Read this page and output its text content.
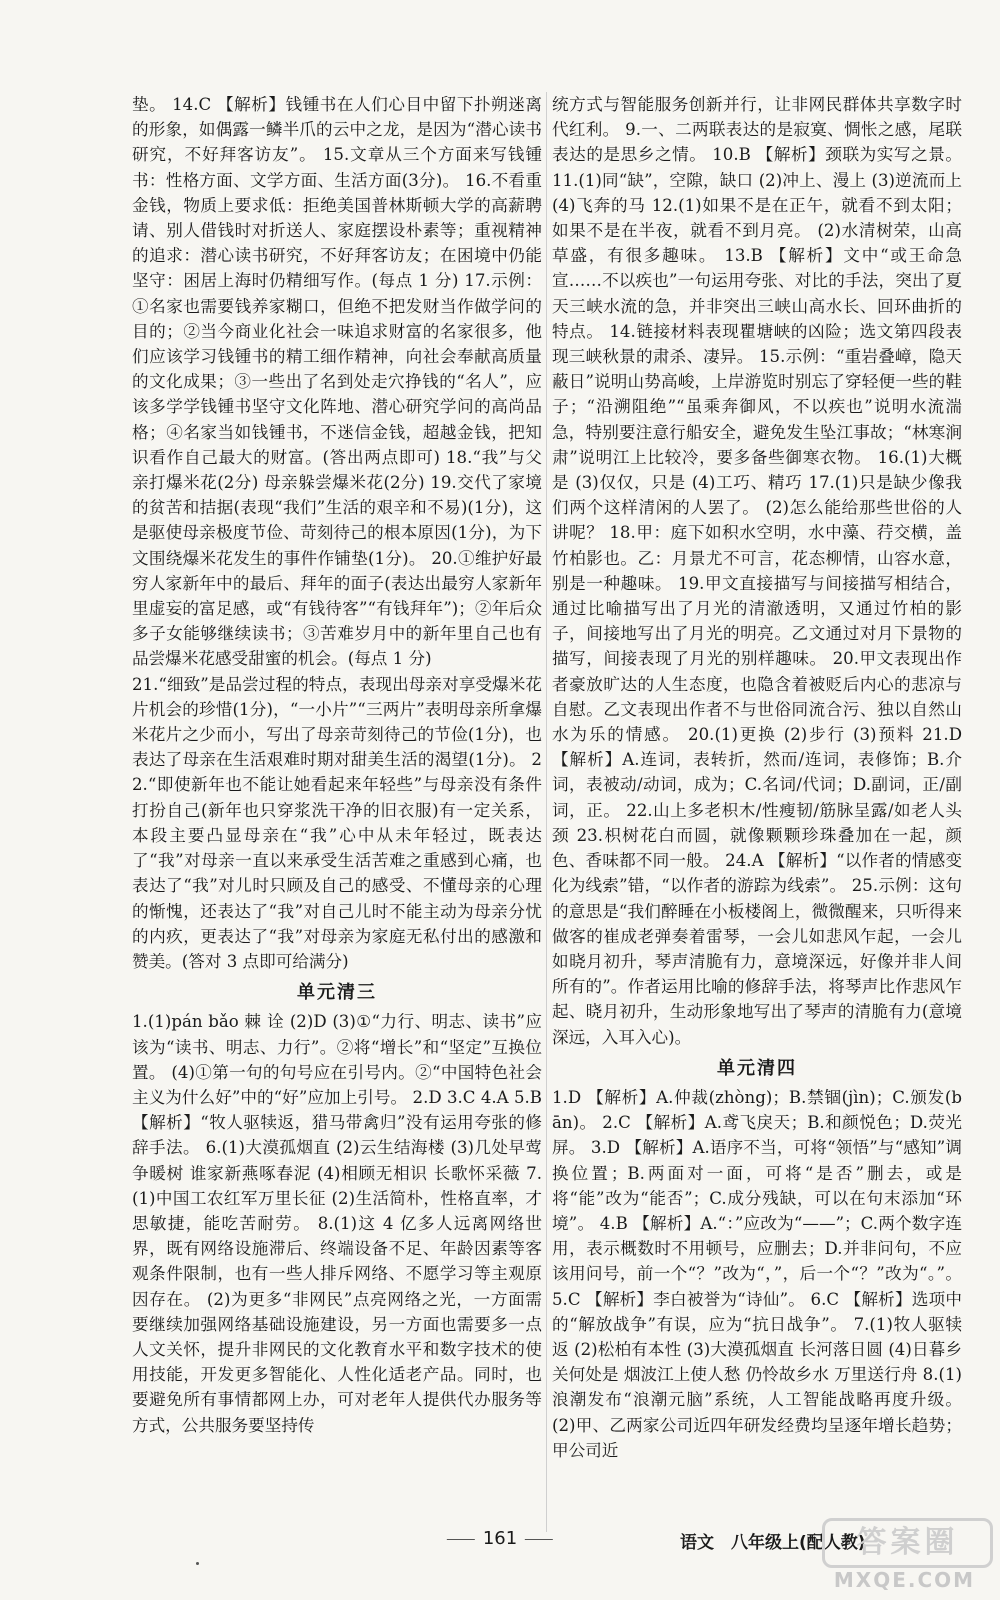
垫。 14.C 【解析】钱锺书在人们心目中留下扑朔迷离的形象，如偶露一鳞半爪的云中之龙，是因为“潜心读书研究，不好拜客访友”。 15.文章从三个方面来写钱锺书：性格方面、文学方面、生活方面(3分)。 16.不看重金钱，物质上要求低：拒绝美国普林斯顿大学的高薪聘请、别人借钱时对折送人、家庭摆设朴素等；重视精神的追求：潜心读书研究，不好拜客访友；在困境中仍能坚守：困居上海时仍精细写作。(每点 1 分) 17.示例：①名家也需要钱养家糊口，但绝不把发财当作做学问的目的；②当今商业化社会一味追求财富的名家很多，他们应该学习钱锺书的精工细作精神，向社会奉献高质量的文化成果；③一些出了名到处走穴挣钱的“名人”，应该多学学钱锺书坚守文化阵地、潜心研究学问的高尚品格；④名家当如钱锺书，不迷信金钱，超越金钱，把知识看作自己最大的财富。(答出两点即可) 18.“我”与父亲打爆米花(2分) 母亲躲尝爆米花(2分) 19.交代了家境的贫苦和拮据(表现“我们”生活的艰辛和不易)(1分)，这是驱使母亲极度节俭、苛刻待己的根本原因(1分)，为下文围绕爆米花发生的事件作铺垫(1分)。 20.①维护好最穷人家新年中的最后、拜年的面子(表达出最穷人家新年里虚妄的富足感，或“有钱待客”“有钱拜年”)；②年后众多子女能够继续读书；③苦难岁月中的新年里自己也有品尝爆米花感受甜蜜的机会。(每点 1 分)

21.“细致”是品尝过程的特点，表现出母亲对享受爆米花片机会的珍惜(1分)，“一小片”“三两片”表明母亲所拿爆米花片之少而小，写出了母亲苛刻待己的节俭(1分)，也表达了母亲在生活艰难时期对甜美生活的渴望(1分)。 22.“即使新年也不能让她看起来年轻些”与母亲没有条件打扮自己(新年也只穿浆洗干净的旧衣服)有一定关系，本段主要凸显母亲在“我”心中从未年轻过，既表达了“我”对母亲一直以来承受生活苦难之重感到心痛，也表达了“我”对儿时只顾及自己的感受、不懂母亲的心理的惭愧，还表达了“我”对自己儿时不能主动为母亲分忧的内疚，更表达了“我”对母亲为家庭无私付出的感激和赞美。(答对 3 点即可给满分)

单元清三

1.(1)pán bǎo 棘 诠 (2)D (3)①“力行、明志、读书”应该为“读书、明志、力行”。②将“增长”和“坚定”互换位置。 (4)①第一句的句号应在引号内。②“中国特色社会主义为什么好”中的“好”应加上引号。 2.D 3.C 4.A 5.B 【解析】“牧人驱犊返，猎马带禽归”没有运用夸张的修辞手法。 6.(1)大漠孤烟直 (2)云生结海楼 (3)几处早莺争暖树 谁家新燕啄春泥 (4)相顾无相识 长歌怀采薇 7.(1)中国工农红军万里长征 (2)生活简朴，性格直率，才思敏捷，能吃苦耐劳。 8.(1)这 4 亿多人远离网络世界，既有网络设施滞后、终端设备不足、年龄因素等客观条件限制，也有一些人排斥网络、不愿学习等主观原因存在。 (2)为更多“非网民”点亮网络之光，一方面需要继续加强网络基础设施建设，另一方面也需要多一点人文关怀，提升非网民的文化教育水平和数字技术的使用技能，开发更多智能化、人性化适老产品。同时，也要避免所有事情都网上办，可对老年人提供代办服务等方式，公共服务要坚持传

统方式与智能服务创新并行，让非网民群体共享数字时代红利。 9.一、二两联表达的是寂寞、惆怅之感，尾联表达的是思乡之情。 10.B 【解析】颈联为实写之景。 11.(1)同“缺”，空隙，缺口 (2)冲上、漫上 (3)逆流而上 (4)飞奔的马 12.(1)如果不是在正午，就看不到太阳；如果不是在半夜，就看不到月亮。 (2)水清树荣，山高草盛，有很多趣味。 13.B 【解析】文中“或王命急宣……不以疾也”一句运用夸张、对比的手法，突出了夏天三峡水流的急，并非突出三峡山高水长、回环曲折的特点。 14.链接材料表现瞿塘峡的凶险；选文第四段表现三峡秋景的肃杀、凄异。 15.示例：“重岩叠嶂，隐天蔽日”说明山势高峻，上岸游览时别忘了穿轻便一些的鞋子；“沿溯阻绝”“虽乘奔御风，不以疾也”说明水流湍急，特别要注意行船安全，避免发生坠江事故；“林寒涧肃”说明江上比较冷，要多备些御寒衣物。 16.(1)大概是 (3)仅仅，只是 (4)工巧、精巧 17.(1)只是缺少像我们两个这样清闲的人罢了。 (2)怎么能给那些世俗的人讲呢？ 18.甲：庭下如积水空明，水中藻、荇交横，盖竹柏影也。乙：月景尤不可言，花态柳情，山容水意，别是一种趣味。 19.甲文直接描写与间接描写相结合，通过比喻描写出了月光的清澈透明，又通过竹柏的影子，间接地写出了月光的明亮。乙文通过对月下景物的描写，间接表现了月光的别样趣味。 20.甲文表现出作者豪放旷达的人生态度，也隐含着被贬后内心的悲凉与自慰。乙文表现出作者不与世俗同流合污、独以自然山水为乐的情感。 20.(1)更换 (2)步行 (3)预料 21.D 【解析】A.连词，表转折，然而/连词，表修饰；B.介词，表被动/动词，成为；C.名词/代词；D.副词，正/副词，正。 22.山上多老枳木/性瘦韧/筋脉呈露/如老人头颈 23.枳树花白而圆，就像颗颗珍珠叠加在一起，颜色、香味都不同一般。 24.A 【解析】“以作者的情感变化为线索”错，“以作者的游踪为线索”。 25.示例：这句的意思是“我们醉睡在小板楼阁上，微微醒来，只听得来做客的崔成老弹奏着雷琴，一会儿如悲风乍起，一会儿如晓月初升，琴声清脆有力，意境深远，好像并非人间所有的”。作者运用比喻的修辞手法，将琴声比作悲风乍起、晓月初升，生动形象地写出了琴声的清脆有力(意境深远，入耳入心)。

单元清四

1.D 【解析】A.仲裁(zhòng)；B.禁锢(jìn)；C.颁发(bān)。 2.C 【解析】A.鸢飞戾天；B.和颜悦色；D.荧光屏。 3.D 【解析】A.语序不当，可将“领悟”与“感知”调换位置；B.两面对一面，可将“是否”删去，或是将“能”改为“能否”；C.成分残缺，可以在句末添加“环境”。 4.B 【解析】A.“：”应改为“——”；C.两个数字连用，表示概数时不用顿号，应删去；D.并非问句，不应该用问号，前一个“？”改为“，”，后一个“？”改为“。”。 5.C 【解析】李白被誉为“诗仙”。 6.C 【解析】选项中的“解放战争”有误，应为“抗日战争”。 7.(1)牧人驱犊返 (2)松柏有本性 (3)大漠孤烟直 长河落日圆 (4)日暮乡关何处是 烟波江上使人愁 仍怜故乡水 万里送行舟 8.(1)浪潮发布“浪潮元脑”系统，人工智能战略再度升级。 (2)甲、乙两家公司近四年研发经费均呈逐年增长趋势；甲公司近

161	语文　八年级上(配人教)
答案圈
MXQE.COM
